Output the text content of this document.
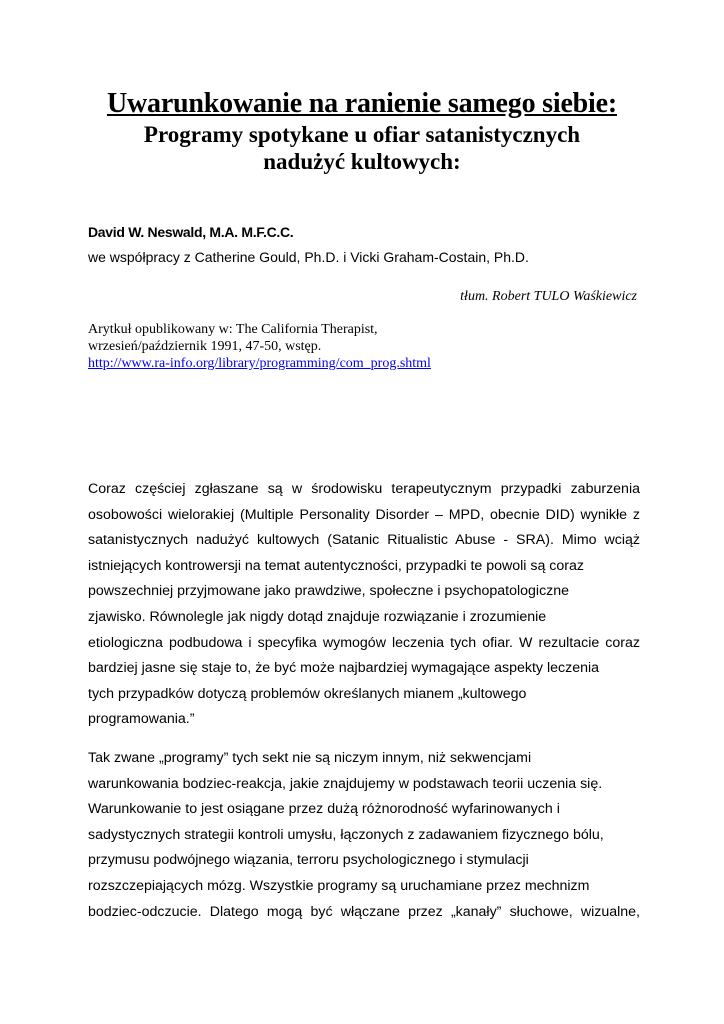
Uwarunkowanie na ranienie samego siebie:
Programy spotykane u ofiar satanistycznych
nadużyć kultowych:
David W. Neswald, M.A. M.F.C.C.
we współpracy z Catherine Gould, Ph.D. i Vicki Graham-Costain, Ph.D.
tłum. Robert TULO Waśkiewicz
Arytkuł opublikowany w: The California Therapist,
wrzesień/październik 1991, 47-50, wstęp.
http://www.ra-info.org/library/programming/com_prog.shtml
Coraz częściej zgłaszane są w środowisku terapeutycznym przypadki zaburzenia
osobowości wielorakiej (Multiple Personality Disorder – MPD, obecnie DID) wynikłe z
satanistycznych nadużyć kultowych (Satanic Ritualistic Abuse - SRA). Mimo wciąż
istniejących kontrowersji na temat autentyczności, przypadki te powoli są coraz
powszechniej przyjmowane jako prawdziwe, społeczne i psychopatologiczne
zjawisko. Równolegle jak nigdy dotąd znajduje rozwiązanie i zrozumienie
etiologiczna podbudowa i specyfika wymogów leczenia tych ofiar. W rezultacie coraz
bardziej jasne się staje to, że być może najbardziej wymagające aspekty leczenia
tych przypadków dotyczą problemów określanych mianem „kultowego
programowania.”
Tak zwane „programy” tych sekt nie są niczym innym, niż sekwencjami
warunkowania bodziec-reakcja, jakie znajdujemy w podstawach teorii uczenia się.
Warunkowanie to jest osiągane przez dużą różnorodność wyfarinowanych i
sadystycznych strategii kontroli umysłu, łączonych z zadawaniem fizycznego bólu,
przymusu podwójnego wiązania, terroru psychologicznego i stymulacji
rozszczepiających mózg. Wszystkie programy są uruchamiane przez mechnizm
bodziec-odczucie. Dlatego mogą być włączane przez „kanały” słuchowe, wizualne,
